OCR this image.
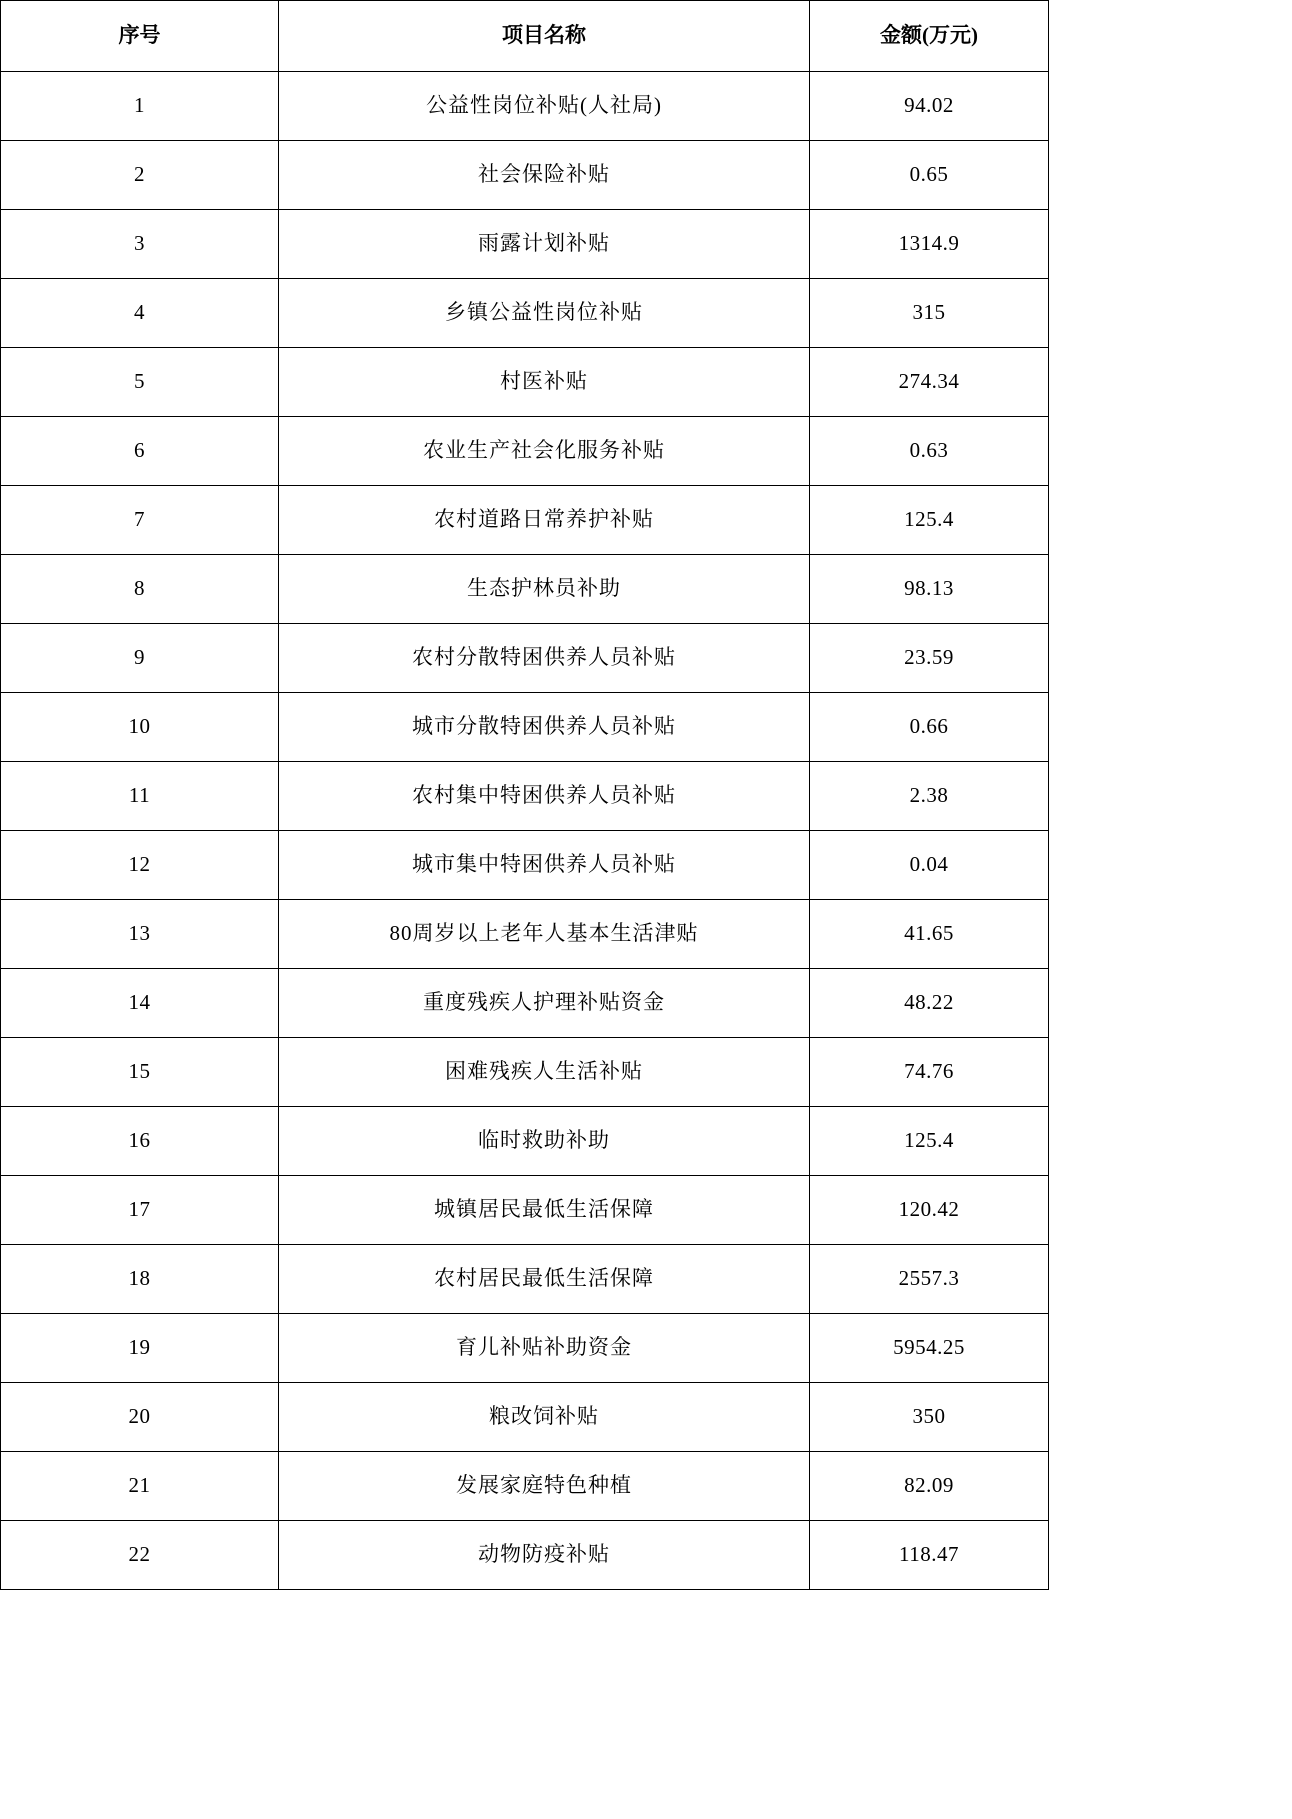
序号	项目名称	金额(万元)
1	公益性岗位补贴(人社局)	94.02
2	社会保险补贴	0.65
3	雨露计划补贴	1314.9
4	乡镇公益性岗位补贴	315
5	村医补贴	274.34
6	农业生产社会化服务补贴	0.63
7	农村道路日常养护补贴	125.4
8	生态护林员补助	98.13
9	农村分散特困供养人员补贴	23.59
10	城市分散特困供养人员补贴	0.66
11	农村集中特困供养人员补贴	2.38
12	城市集中特困供养人员补贴	0.04
13	80周岁以上老年人基本生活津贴	41.65
14	重度残疾人护理补贴资金	48.22
15	困难残疾人生活补贴	74.76
16	临时救助补助	125.4
17	城镇居民最低生活保障	120.42
18	农村居民最低生活保障	2557.3
19	育儿补贴补助资金	5954.25
20	粮改饲补贴	350
21	发展家庭特色种植	82.09
22	动物防疫补贴	118.47
